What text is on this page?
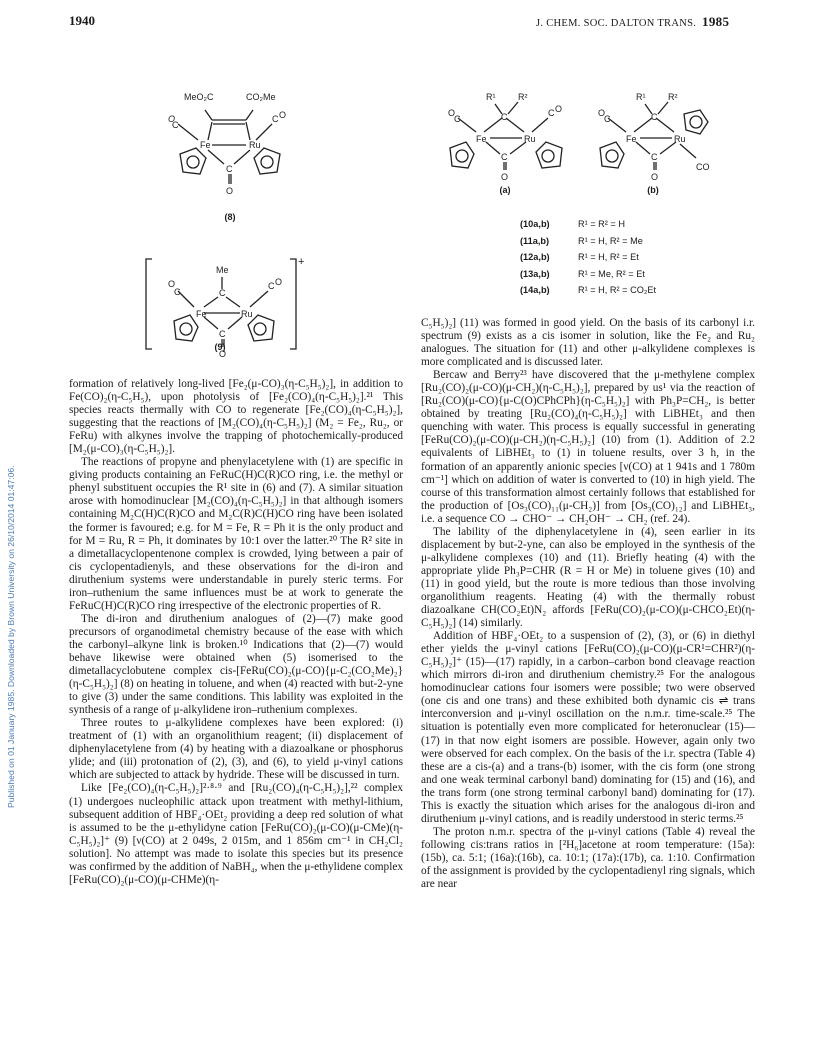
Published on 01 January 1985. Downloaded by Brown University on 26/10/2014 01:47:06.
1940	J. CHEM. SOC. DALTON TRANS. 1985
MeO₂C	CO₂Me
O
C
C O
Fe	Ru
C
O
(8)
Me
+
C
O
C
C O
Fe	Ru
C
O
(9)
R¹	R²
C
O
C
C O
Fe	Ru
C
O
(a)
R¹	R²
C
O
C
Fe	Ru
CO
C
O
(b)
(10a,b)	R¹ = R² = H
(11a,b)	R¹ = H, R² = Me
(12a,b)	R¹ = H, R² = Et
(13a,b)	R¹ = Me, R² = Et
(14a,b)	R¹ = H, R² = CO₂Et

formation of relatively long-lived [Fe₂(μ-CO)₃(η-C₅H₅)₂], in addition to Fe(CO)₂(η-C₅H₅), upon photolysis of [Fe₂(CO)₄(η-C₅H₅)₂].²¹ This species reacts thermally with CO to regenerate [Fe₂(CO)₄(η-C₅H₅)₂], suggesting that the reactions of [M₂(CO)₄(η-C₅H₅)₂] (M₂ = Fe₂, Ru₂, or FeRu) with alkynes involve the trapping of photochemically-produced [M₂(μ-CO)₃(η-C₅H₅)₂].

The reactions of propyne and phenylacetylene with (1) are specific in giving products containing an FeRuC(H)C(R)CO ring, i.e. the methyl or phenyl substituent occupies the R¹ site in (6) and (7). A similar situation arose with homodinuclear [M₂(CO)₄(η-C₅H₅)₂] in that although isomers containing M₂C(H)C(R)CO and M₂C(R)C(H)CO ring have been isolated the former is favoured; e.g. for M = Fe, R = Ph it is the only product and for M = Ru, R = Ph, it dominates by 10:1 over the latter.²⁰ The R² site in a dimetallacyclopentenone complex is crowded, lying between a pair of cis cyclopentadienyls, and these observations for the di-iron and diruthenium systems were understandable in purely steric terms. For iron–ruthenium the same influences must be at work to generate the FeRuC(H)C(R)CO ring irrespective of the electronic properties of R.

The di-iron and diruthenium analogues of (2)—(7) make good precursors of organodimetal chemistry because of the ease with which the carbonyl–alkyne link is broken.¹⁰ Indications that (2)—(7) would behave likewise were obtained when (5) isomerised to the dimetallacyclobutene complex cis-[FeRu(CO)₂(μ-CO){μ-C₂(CO₂Me)₂}(η-C₅H₅)₂] (8) on heating in toluene, and when (4) reacted with but-2-yne to give (3) under the same conditions. This lability was exploited in the synthesis of a range of μ-alkylidene iron–ruthenium complexes.

Three routes to μ-alkylidene complexes have been explored: (i) treatment of (1) with an organolithium reagent; (ii) displacement of diphenylacetylene from (4) by heating with a diazoalkane or phosphorus ylide; and (iii) protonation of (2), (3), and (6), to yield μ-vinyl cations which are subjected to attack by hydride. These will be discussed in turn.

Like [Fe₂(CO)₄(η-C₅H₅)₂]²·⁸·⁹ and [Ru₂(CO)₄(η-C₅H₅)₂],²² complex (1) undergoes nucleophilic attack upon treatment with methyl-lithium, subsequent addition of HBF₄·OEt₂ providing a deep red solution of what is assumed to be the μ-ethylidyne cation [FeRu(CO)₂(μ-CO)(μ-CMe)(η-C₅H₅)₂]⁺ (9) [ν(CO) at 2 049s, 2 015m, and 1 856m cm⁻¹ in CH₂Cl₂ solution]. No attempt was made to isolate this species but its presence was confirmed by the addition of NaBH₄, when the μ-ethylidene complex [FeRu(CO)₂(μ-CO)(μ-CHMe)(η-

C₅H₅)₂] (11) was formed in good yield. On the basis of its carbonyl i.r. spectrum (9) exists as a cis isomer in solution, like the Fe₂ and Ru₂ analogues. The situation for (11) and other μ-alkylidene complexes is more complicated and is discussed later.

Bercaw and Berry²³ have discovered that the μ-methylene complex [Ru₂(CO)₂(μ-CO)(μ-CH₂)(η-C₅H₅)₂], prepared by us¹ via the reaction of [Ru₂(CO)(μ-CO){μ-C(O)CPhCPh}(η-C₅H₅)₂] with Ph₃P=CH₂, is better obtained by treating [Ru₂(CO)₄(η-C₅H₅)₂] with LiBHEt₃ and then quenching with water. This process is equally successful in generating [FeRu(CO)₂(μ-CO)(μ-CH₂)(η-C₅H₅)₂] (10) from (1). Addition of 2.2 equivalents of LiBHEt₃ to (1) in toluene results, over 3 h, in the formation of an apparently anionic species [ν(CO) at 1 941s and 1 780m cm⁻¹] which on addition of water is converted to (10) in high yield. The course of this transformation almost certainly follows that established for the production of [Os₃(CO)₁₁(μ-CH₂)] from [Os₃(CO)₁₂] and LiBHEt₃, i.e. a sequence CO → CHO⁻ → CH₂OH⁻ → CH₂ (ref. 24).

The lability of the diphenylacetylene in (4), seen earlier in its displacement by but-2-yne, can also be employed in the synthesis of the μ-alkylidene complexes (10) and (11). Briefly heating (4) with the appropriate ylide Ph₃P=CHR (R = H or Me) in toluene gives (10) and (11) in good yield, but the route is more tedious than those involving organolithium reagents. Heating (4) with the thermally robust diazoalkane CH(CO₂Et)N₂ affords [FeRu(CO)₂(μ-CO)(μ-CHCO₂Et)(η-C₅H₅)₂] (14) similarly.

Addition of HBF₄·OEt₂ to a suspension of (2), (3), or (6) in diethyl ether yields the μ-vinyl cations [FeRu(CO)₂(μ-CO)(μ-CR¹=CHR²)(η-C₅H₅)₂]⁺ (15)—(17) rapidly, in a carbon–carbon bond cleavage reaction which mirrors di-iron and diruthenium chemistry.²⁵ For the analogous homodinuclear cations four isomers were possible; two were observed (one cis and one trans) and these exhibited both dynamic cis ⇌ trans interconversion and μ-vinyl oscillation on the n.m.r. time-scale.²⁵ The situation is potentially even more complicated for heteronuclear (15)—(17) in that now eight isomers are possible. However, again only two were observed for each complex. On the basis of the i.r. spectra (Table 4) these are a cis-(a) and a trans-(b) isomer, with the cis form (one strong and one weak terminal carbonyl band) dominating for (15) and (16), and the trans form (one strong terminal carbonyl band) dominating for (17). This is exactly the situation which arises for the analogous di-iron and diruthenium μ-vinyl cations, and is readily understood in steric terms.²⁵

The proton n.m.r. spectra of the μ-vinyl cations (Table 4) reveal the following cis:trans ratios in [²H₆]acetone at room temperature: (15a):(15b), ca. 5:1; (16a):(16b), ca. 10:1; (17a):(17b), ca. 1:10. Confirmation of the assignment is provided by the cyclopentadienyl ring signals, which are near
